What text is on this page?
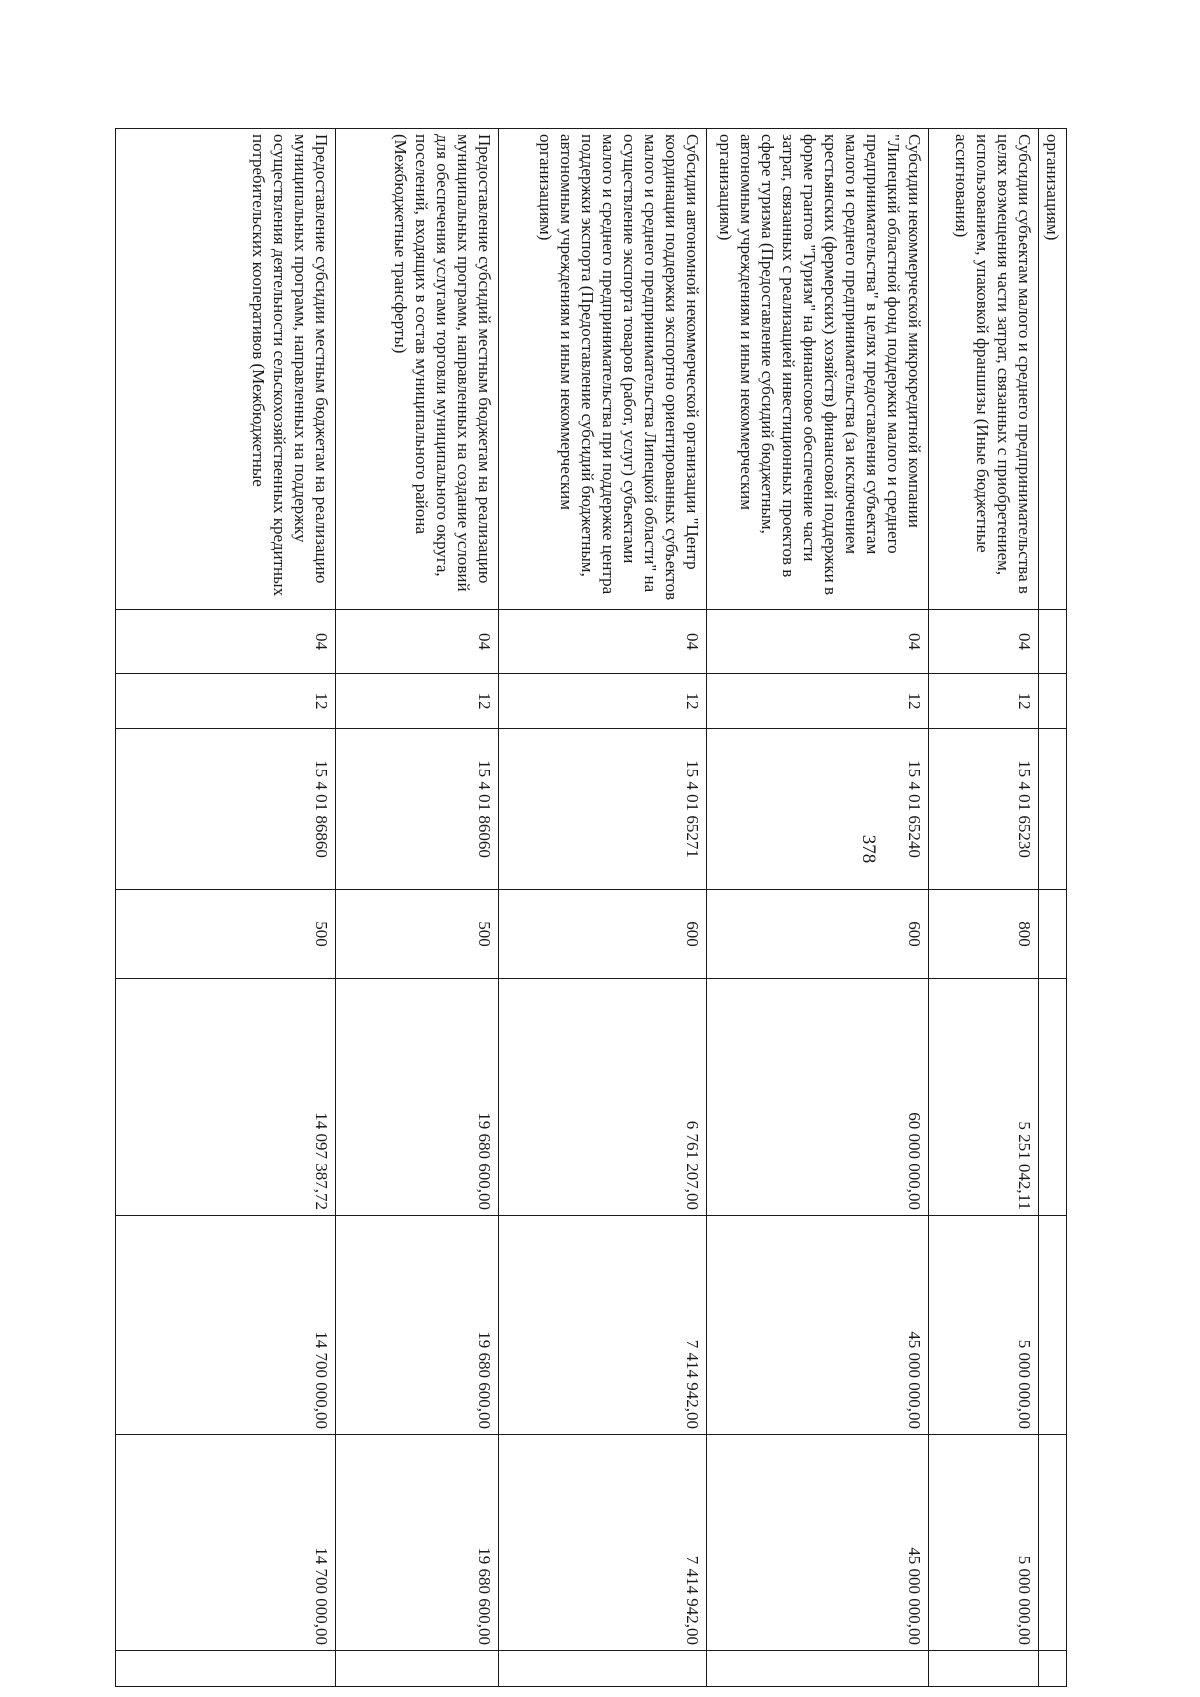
378
организациям)								
Субсидии субъектам малого и среднего предпринимательства в целях возмещения части затрат, связанных с приобретением, использованием, упаковкой франшизы (Иные бюджетные ассигнования)	04	12	15 4 01 65230	800	5 251 042,11	5 000 000,00	5 000 000,00	
Субсидии некоммерческой микрокредитной компании "Липецкий областной фонд поддержки малого и среднего предпринимательства" в целях предоставления субъектам малого и среднего предпринимательства (за исключением крестьянских (фермерских) хозяйств) финансовой поддержки в форме грантов "Туризм" на финансовое обеспечение части затрат, связанных с реализацией инвестиционных проектов в сфере туризма (Предоставление субсидий бюджетным, автономным учреждениям и иным некоммерческим организациям)	04	12	15 4 01 65240	600	60 000 000,00	45 000 000,00	45 000 000,00	
Субсидии автономной некоммерческой организации "Центр координации поддержки экспортно ориентированных субъектов малого и среднего предпринимательства Липецкой области" на осуществление экспорта товаров (работ, услуг) субъектами малого и среднего предпринимательства при поддержке центра поддержки экспорта (Предоставление субсидий бюджетным, автономным учреждениям и иным некоммерческим организациям)	04	12	15 4 01 65271	600	6 761 207,00	7 414 942,00	7 414 942,00	
Предоставление субсидий местным бюджетам на реализацию муниципальных программ, направленных на создание условий для обеспечения услугами торговли муниципального округа, поселений, входящих в состав муниципального района (Межбюджетные трансферты)	04	12	15 4 01 86060	500	19 680 600,00	19 680 600,00	19 680 600,00	
Предоставление субсидии местным бюджетам на реализацию муниципальных программ, направленных на поддержку осуществления деятельности сельскохозяйственных кредитных потребительских кооперативов (Межбюджетные	04	12	15 4 01 86860	500	14 097 387,72	14 700 000,00	14 700 000,00	
